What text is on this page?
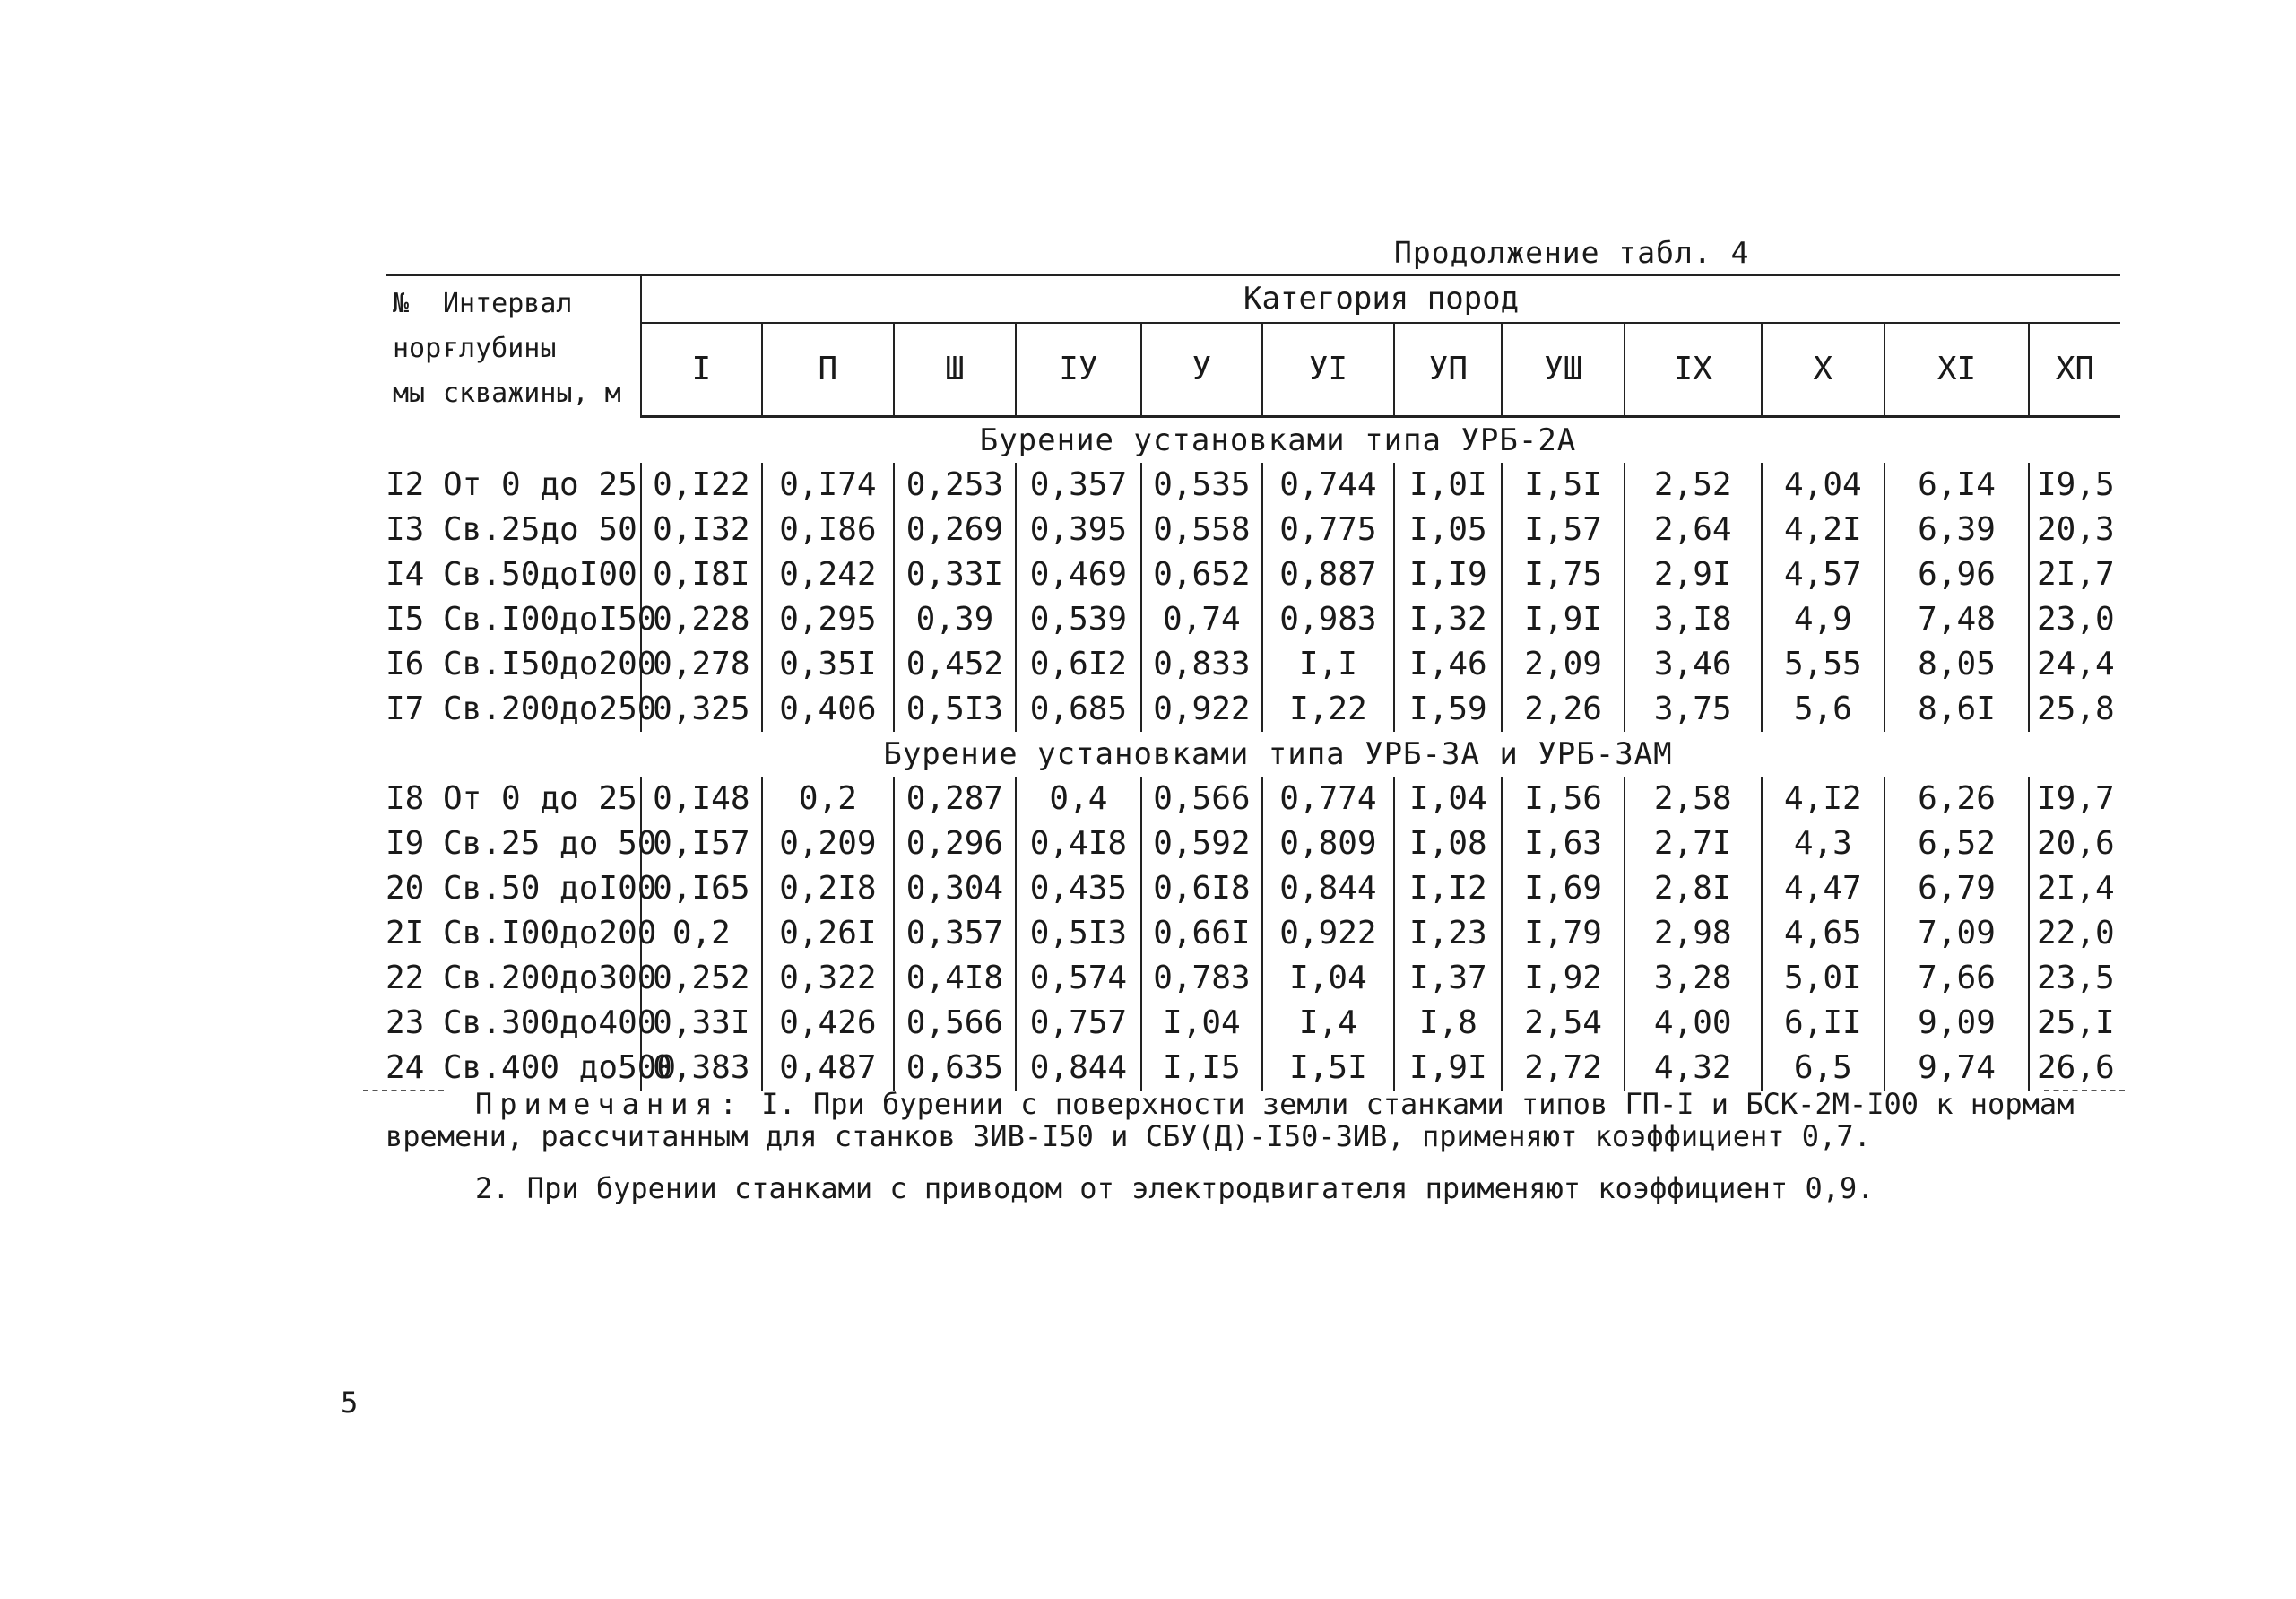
Продолжение табл. 4
№ нор- мы	Интервал глубины скважины, м	Категория пород											
		I	П	Ш	IУ	У	УI	УП	УШ	IХ	Х	ХI	ХП
	Бурение установками типа УРБ-2А												
I2	От 0 до 25	0,I22	0,I74	0,253	0,357	0,535	0,744	I,0I	I,5I	2,52	4,04	6,I4	I9,5
I3	Св.25до 50	0,I32	0,I86	0,269	0,395	0,558	0,775	I,05	I,57	2,64	4,2I	6,39	20,3
I4	Св.50доI00	0,I8I	0,242	0,33I	0,469	0,652	0,887	I,I9	I,75	2,9I	4,57	6,96	2I,7
I5	Св.I00доI50	0,228	0,295	0,39	0,539	0,74	0,983	I,32	I,9I	3,I8	4,9	7,48	23,0
I6	Св.I50до200	0,278	0,35I	0,452	0,6I2	0,833	I,I	I,46	2,09	3,46	5,55	8,05	24,4
I7	Св.200до250	0,325	0,406	0,5I3	0,685	0,922	I,22	I,59	2,26	3,75	5,6	8,6I	25,8
	Бурение установками типа УРБ-3А и УРБ-3АМ												
I8	От 0 до 25	0,I48	0,2	0,287	0,4	0,566	0,774	I,04	I,56	2,58	4,I2	6,26	I9,7
I9	Св.25 до 50	0,I57	0,209	0,296	0,4I8	0,592	0,809	I,08	I,63	2,7I	4,3	6,52	20,6
20	Св.50 доI00	0,I65	0,2I8	0,304	0,435	0,6I8	0,844	I,I2	I,69	2,8I	4,47	6,79	2I,4
2I	Св.I00до200	0,2	0,26I	0,357	0,5I3	0,66I	0,922	I,23	I,79	2,98	4,65	7,09	22,0
22	Св.200до300	0,252	0,322	0,4I8	0,574	0,783	I,04	I,37	I,92	3,28	5,0I	7,66	23,5
23	Св.300до400	0,33I	0,426	0,566	0,757	I,04	I,4	I,8	2,54	4,00	6,II	9,09	25,I
24	Св.400 до500	0,383	0,487	0,635	0,844	I,I5	I,5I	I,9I	2,72	4,32	6,5	9,74	26,6
Примечания: I. При бурении с поверхности земли станками типов ГП-I и БСК-2М-I00 к нормам времени, рассчитанным для станков ЗИВ-I50 и СБУ(Д)-I50-ЗИВ, применяют коэффициент 0,7.
2. При бурении станками с приводом от электродвигателя применяют коэффициент 0,9.
5
